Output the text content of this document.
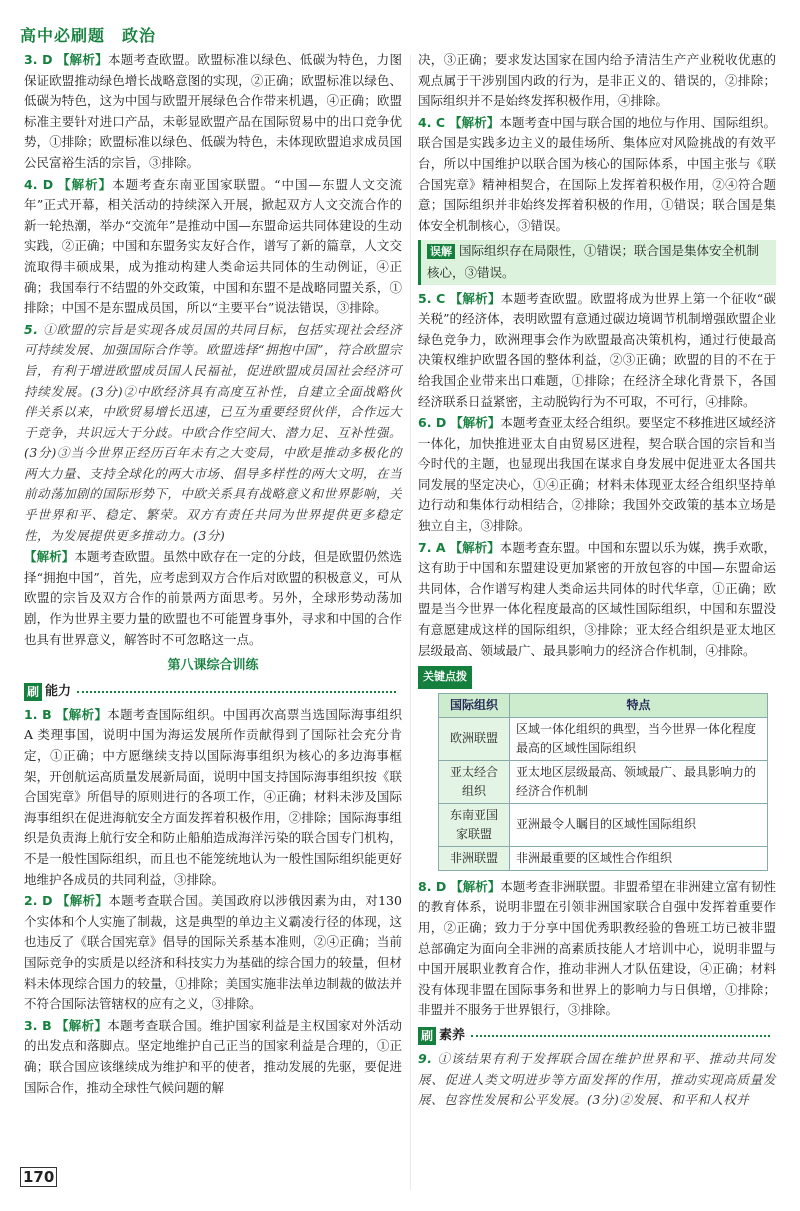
高中必刷题　政治

3. D 【解析】本题考查欧盟。欧盟标准以绿色、低碳为特色，力图保证欧盟推动绿色增长战略意图的实现，②正确；欧盟标准以绿色、低碳为特色，这为中国与欧盟开展绿色合作带来机遇，④正确；欧盟标准主要针对进口产品，未彰显欧盟产品在国际贸易中的出口竞争优势，①排除；欧盟标准以绿色、低碳为特色，未体现欧盟追求成员国公民富裕生活的宗旨，③排除。

4. D 【解析】本题考查东南亚国家联盟。“中国—东盟人文交流年”正式开幕，相关活动的持续深入开展，掀起双方人文交流合作的新一轮热潮，举办“交流年”是推动中国—东盟命运共同体建设的生动实践，②正确；中国和东盟务实友好合作，谱写了新的篇章，人文交流取得丰硕成果，成为推动构建人类命运共同体的生动例证，④正确；我国奉行不结盟的外交政策，中国和东盟不是战略同盟关系，①排除；中国不是东盟成员国，所以“主要平台”说法错误，③排除。

5. ①欧盟的宗旨是实现各成员国的共同目标，包括实现社会经济可持续发展、加强国际合作等。欧盟选择“拥抱中国”，符合欧盟宗旨，有利于增进欧盟成员国人民福祉，促进欧盟成员国社会经济可持续发展。(3分)②中欧经济具有高度互补性，自建立全面战略伙伴关系以来，中欧贸易增长迅速，已互为重要经贸伙伴，合作远大于竞争，共识远大于分歧。中欧合作空间大、潜力足、互补性强。(3分)③当今世界正经历百年未有之大变局，中欧是推动多极化的两大力量、支持全球化的两大市场、倡导多样性的两大文明，在当前动荡加剧的国际形势下，中欧关系具有战略意义和世界影响，关乎世界和平、稳定、繁荣。双方有责任共同为世界提供更多稳定性，为发展提供更多推动力。(3分)

【解析】本题考查欧盟。虽然中欧存在一定的分歧，但是欧盟仍然选择“拥抱中国”，首先，应考虑到双方合作后对欧盟的积极意义，可从欧盟的宗旨及双方合作的前景两方面思考。另外，全球形势动荡加剧，作为世界主要力量的欧盟也不可能置身事外，寻求和中国的合作也具有世界意义，解答时不可忽略这一点。

第八课综合训练
刷 能力

1. B 【解析】本题考查国际组织。中国再次高票当选国际海事组织 A 类理事国，说明中国为海运发展所作贡献得到了国际社会充分肯定，①正确；中方愿继续支持以国际海事组织为核心的多边海事框架，开创航运高质量发展新局面，说明中国支持国际海事组织按《联合国宪章》所倡导的原则进行的各项工作，④正确；材料未涉及国际海事组织在促进海航安全方面发挥着积极作用，②排除；国际海事组织是负责海上航行安全和防止船舶造成海洋污染的联合国专门机构，不是一般性国际组织，而且也不能笼统地认为一般性国际组织能更好地维护各成员的共同利益，③排除。

2. D 【解析】本题考查联合国。美国政府以涉俄因素为由，对130个实体和个人实施了制裁，这是典型的单边主义霸凌行径的体现，这也违反了《联合国宪章》倡导的国际关系基本准则，②④正确；当前国际竞争的实质是以经济和科技实力为基础的综合国力的较量，但材料未体现综合国力的较量，①排除；美国实施非法单边制裁的做法并不符合国际法管辖权的应有之义，③排除。

3. B 【解析】本题考查联合国。维护国家利益是主权国家对外活动的出发点和落脚点。坚定地维护自己正当的国家利益是合理的，①正确；联合国应该继续成为维护和平的使者，推动发展的先驱，要促进国际合作，推动全球性气候问题的解

决，③正确；要求发达国家在国内给予清洁生产产业税收优惠的观点属于干涉别国内政的行为，是非正义的、错误的，②排除；国际组织并不是始终发挥积极作用，④排除。

4. C 【解析】本题考查中国与联合国的地位与作用、国际组织。联合国是实践多边主义的最佳场所、集体应对风险挑战的有效平台，所以中国维护以联合国为核心的国际体系，中国主张与《联合国宪章》精神相契合，在国际上发挥着积极作用，②④符合题意；国际组织并非始终发挥着积极的作用，①错误；联合国是集体安全机制核心，③错误。

误解 国际组织存在局限性，①错误；联合国是集体安全机制核心，③错误。

5. C 【解析】本题考查欧盟。欧盟将成为世界上第一个征收“碳关税”的经济体，表明欧盟有意通过碳边境调节机制增强欧盟企业绿色竞争力，欧洲理事会作为欧盟最高决策机构，通过行使最高决策权维护欧盟各国的整体利益，②③正确；欧盟的目的不在于给我国企业带来出口难题，①排除；在经济全球化背景下，各国经济联系日益紧密，主动脱钩行为不可取，不可行，④排除。

6. D 【解析】本题考查亚太经合组织。要坚定不移推进区域经济一体化，加快推进亚太自由贸易区进程，契合联合国的宗旨和当今时代的主题，也显现出我国在谋求自身发展中促进亚太各国共同发展的坚定决心，①④正确；材料未体现亚太经合组织坚持单边行动和集体行动相结合，②排除；我国外交政策的基本立场是独立自主，③排除。

7. A 【解析】本题考查东盟。中国和东盟以乐为媒，携手欢歌，这有助于中国和东盟建设更加紧密的开放包容的中国—东盟命运共同体，合作谱写构建人类命运共同体的时代华章，①正确；欧盟是当今世界一体化程度最高的区域性国际组织，中国和东盟没有意愿建成这样的国际组织，③排除；亚太经合组织是亚太地区层级最高、领域最广、最具影响力的经济合作机制，④排除。

关键点拨
国际组织	特点
欧洲联盟	区域一体化组织的典型，当今世界一体化程度最高的区域性国际组织
亚太经合组织	亚太地区层级最高、领域最广、最具影响力的经济合作机制
东南亚国家联盟	亚洲最令人瞩目的区域性国际组织
非洲联盟	非洲最重要的区域性合作组织

8. D 【解析】本题考查非洲联盟。非盟希望在非洲建立富有韧性的教育体系，说明非盟在引领非洲国家联合自强中发挥着重要作用，②正确；致力于分享中国优秀职教经验的鲁班工坊已被非盟总部确定为面向全非洲的高素质技能人才培训中心，说明非盟与中国开展职业教育合作，推动非洲人才队伍建设，④正确；材料没有体现非盟在国际事务和世界上的影响力与日俱增，①排除；非盟并不服务于世界银行，③排除。

刷 素养

9. ①该结果有利于发挥联合国在维护世界和平、推动共同发展、促进人类文明进步等方面发挥的作用，推动实现高质量发展、包容性发展和公平发展。(3分)②发展、和平和人权并

170
